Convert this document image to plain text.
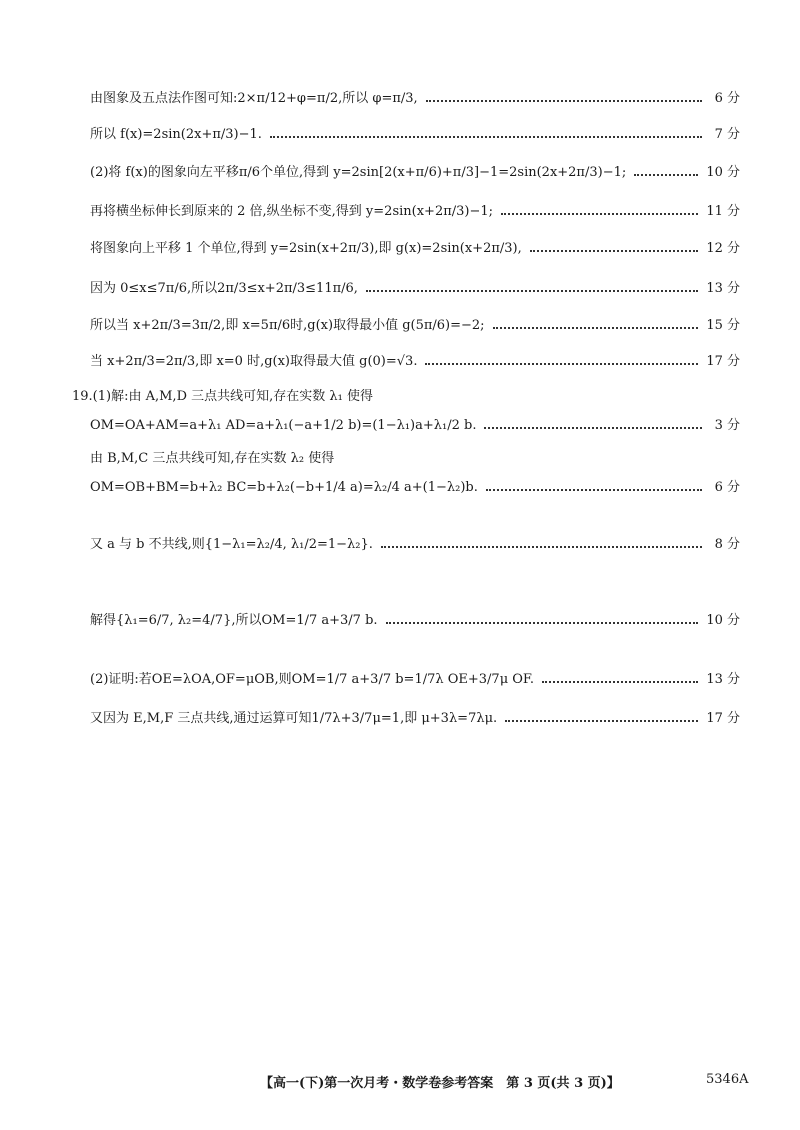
由图象及五点法作图可知:2×π/12+φ=π/2,所以 φ=π/3,	6 分
所以 f(x)=2sin(2x+π/3)−1.	7 分
(2)将 f(x)的图象向左平移π/6个单位,得到 y=2sin[2(x+π/6)+π/3]−1=2sin(2x+2π/3)−1;	10 分
再将横坐标伸长到原来的 2 倍,纵坐标不变,得到 y=2sin(x+2π/3)−1;	11 分
将图象向上平移 1 个单位,得到 y=2sin(x+2π/3),即 g(x)=2sin(x+2π/3),	12 分
因为 0≤x≤7π/6,所以2π/3≤x+2π/3≤11π/6,	13 分
所以当 x+2π/3=3π/2,即 x=5π/6时,g(x)取得最小值 g(5π/6)=−2;	15 分
当 x+2π/3=2π/3,即 x=0 时,g(x)取得最大值 g(0)=√3.	17 分
19.(1)解:由 A,M,D 三点共线可知,存在实数 λ₁ 使得
OM=OA+AM=a+λ₁ AD=a+λ₁(−a+1/2 b)=(1−λ₁)a+λ₁/2 b.	3 分
由 B,M,C 三点共线可知,存在实数 λ₂ 使得
OM=OB+BM=b+λ₂ BC=b+λ₂(−b+1/4 a)=λ₂/4 a+(1−λ₂)b.	6 分
又 a 与 b 不共线,则{1−λ₁=λ₂/4, λ₁/2=1−λ₂}.	8 分
解得{λ₁=6/7, λ₂=4/7},所以OM=1/7 a+3/7 b.	10 分
(2)证明:若OE=λOA,OF=μOB,则OM=1/7 a+3/7 b=1/7λ OE+3/7μ OF.	13 分
又因为 E,M,F 三点共线,通过运算可知1/7λ+3/7μ=1,即 μ+3λ=7λμ.	17 分
【高一(下)第一次月考・数学卷参考答案　第 3 页(共 3 页)】	5346A
